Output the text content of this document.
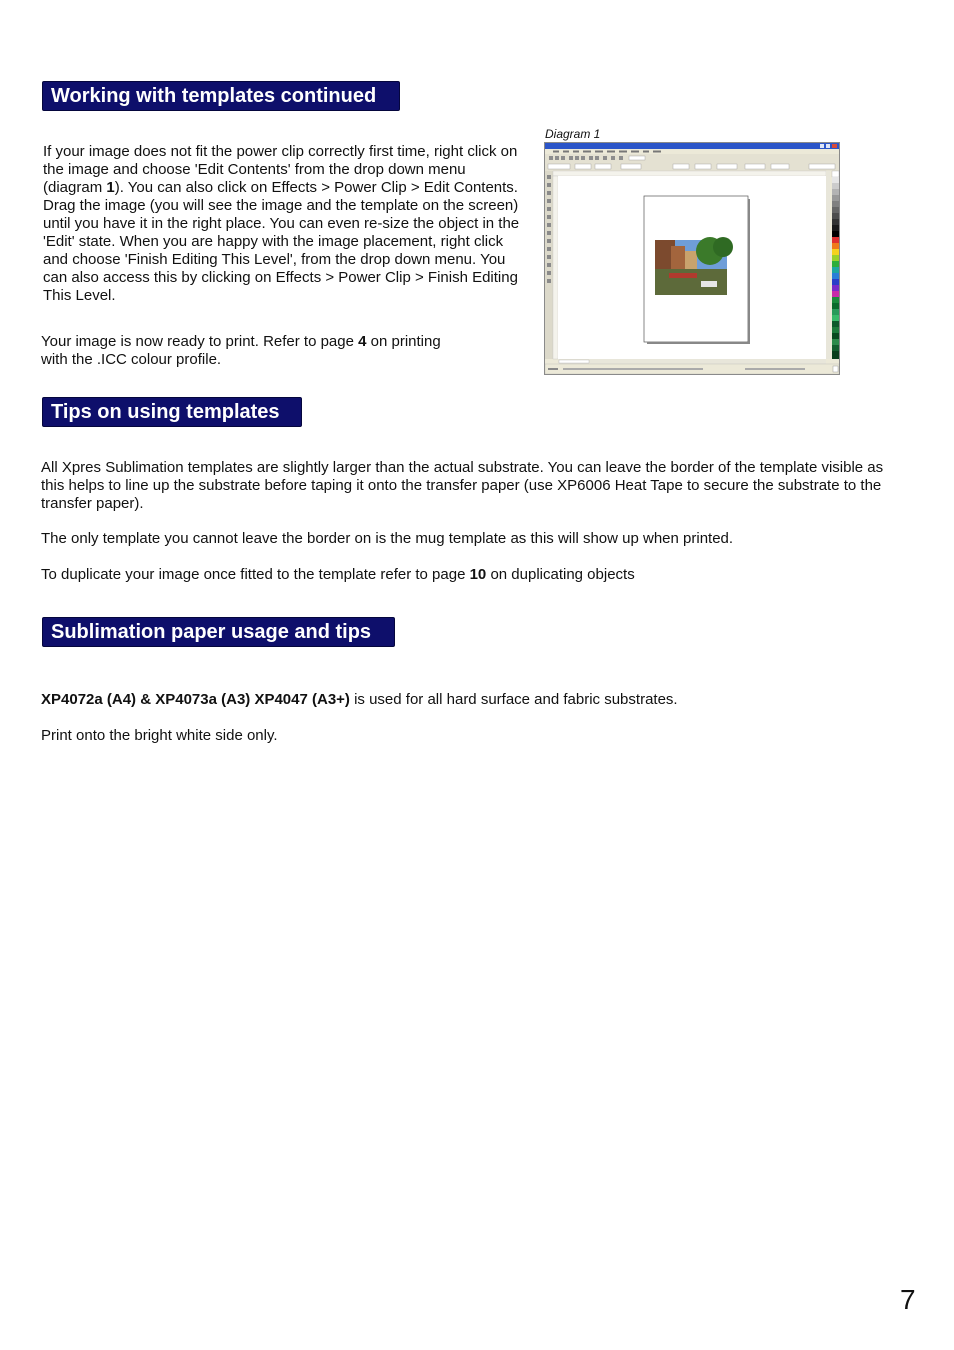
Working with templates continued

If your image does not fit the power clip correctly first time, right click on the image and choose 'Edit Contents' from the drop down menu (diagram 1). You can also click on Effects > Power Clip > Edit Contents. Drag the image (you will see the image and the template on the screen) until you have it in the right place. You can even re-size the object in the 'Edit' state. When you are happy with the image placement, right click and choose 'Finish Editing This Level', from the drop down menu. You can also access this by clicking on Effects > Power Clip > Finish Editing This Level.

Your image is now ready to print. Refer to page 4 on printing with the .ICC colour profile.

Diagram 1
Tips on using templates

All Xpres Sublimation templates are slightly larger than the actual substrate. You can leave the border of the template visible as this helps to line up the substrate before taping it onto the transfer paper (use XP6006 Heat Tape to secure the substrate to the transfer paper).

The only template you cannot leave the border on is the mug template as this will show up when printed.

To duplicate your image once fitted to the template refer to page 10 on duplicating objects

Sublimation paper usage and tips

XP4072a (A4) & XP4073a (A3) XP4047 (A3+) is used for all hard surface and fabric substrates.

Print onto the bright white side only.

7
